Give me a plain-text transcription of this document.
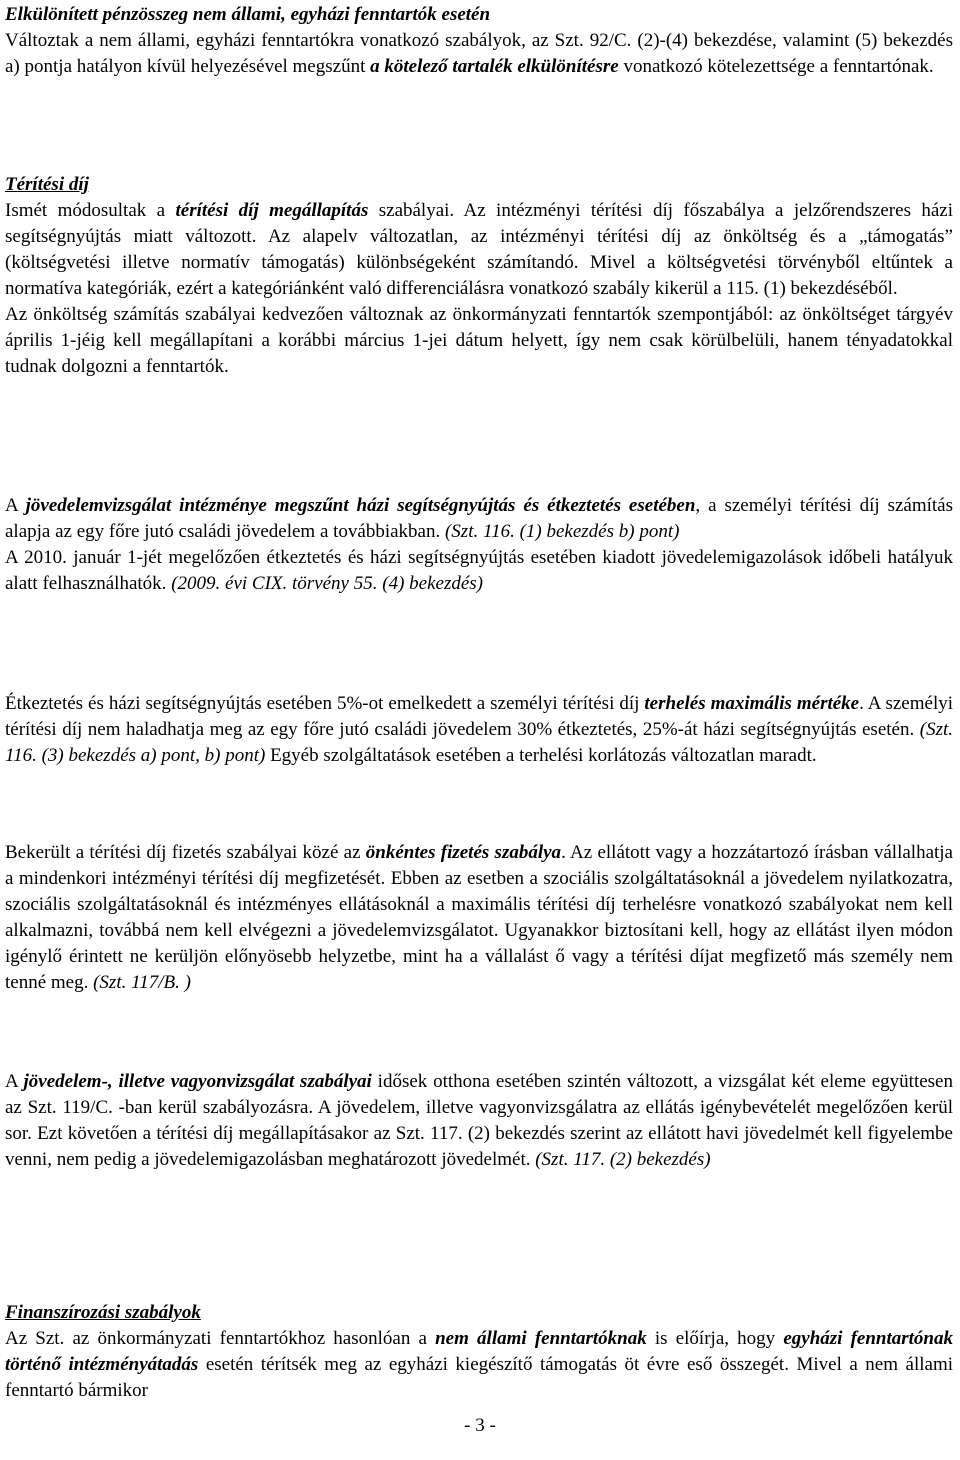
Elkülönített pénzösszeg nem állami, egyházi fenntartók esetén

Változtak a nem állami, egyházi fenntartókra vonatkozó szabályok, az Szt. 92/C. (2)-(4) bekezdése, valamint (5) bekezdés a) pontja hatályon kívül helyezésével megszűnt a kötelező tartalék elkülönítésre vonatkozó kötelezettsége a fenntartónak.

Térítési díj

Ismét módosultak a térítési díj megállapítás szabályai. Az intézményi térítési díj főszabálya a jelzőrendszeres házi segítségnyújtás miatt változott. Az alapelv változatlan, az intézményi térítési díj az önköltség és a „támogatás” (költségvetési illetve normatív támogatás) különbségeként számítandó. Mivel a költségvetési törvényből eltűntek a normatíva kategóriák, ezért a kategóriánként való differenciálásra vonatkozó szabály kikerül a 115. (1) bekezdéséből.

Az önköltség számítás szabályai kedvezően változnak az önkormányzati fenntartók szempontjából: az önköltséget tárgyév április 1-jéig kell megállapítani a korábbi március 1-jei dátum helyett, így nem csak körülbelüli, hanem tényadatokkal tudnak dolgozni a fenntartók.

A jövedelemvizsgálat intézménye megszűnt házi segítségnyújtás és étkeztetés esetében, a személyi térítési díj számítás alapja az egy főre jutó családi jövedelem a továbbiakban. (Szt. 116. (1) bekezdés b) pont)

A 2010. január 1-jét megelőzően étkeztetés és házi segítségnyújtás esetében kiadott jövedelemigazolások időbeli hatályuk alatt felhasználhatók. (2009. évi CIX. törvény 55. (4) bekezdés)

Étkeztetés és házi segítségnyújtás esetében 5%-ot emelkedett a személyi térítési díj terhelés maximális mértéke. A személyi térítési díj nem haladhatja meg az egy főre jutó családi jövedelem 30% étkeztetés, 25%-át házi segítségnyújtás esetén. (Szt. 116. (3) bekezdés a) pont, b) pont) Egyéb szolgáltatások esetében a terhelési korlátozás változatlan maradt.

Bekerült a térítési díj fizetés szabályai közé az önkéntes fizetés szabálya. Az ellátott vagy a hozzátartozó írásban vállalhatja a mindenkori intézményi térítési díj megfizetését. Ebben az esetben a szociális szolgáltatásoknál a jövedelem nyilatkozatra, szociális szolgáltatásoknál és intézményes ellátásoknál a maximális térítési díj terhelésre vonatkozó szabályokat nem kell alkalmazni, továbbá nem kell elvégezni a jövedelemvizsgálatot. Ugyanakkor biztosítani kell, hogy az ellátást ilyen módon igénylő érintett ne kerüljön előnyösebb helyzetbe, mint ha a vállalást ő vagy a térítési díjat megfizető más személy nem tenné meg. (Szt. 117/B. )

A jövedelem-, illetve vagyonvizsgálat szabályai idősek otthona esetében szintén változott, a vizsgálat két eleme együttesen az Szt. 119/C. -ban kerül szabályozásra. A jövedelem, illetve vagyonvizsgálatra az ellátás igénybevételét megelőzően kerül sor. Ezt követően a térítési díj megállapításakor az Szt. 117. (2) bekezdés szerint az ellátott havi jövedelmét kell figyelembe venni, nem pedig a jövedelemigazolásban meghatározott jövedelmét. (Szt. 117. (2) bekezdés)

Finanszírozási szabályok

Az Szt. az önkormányzati fenntartókhoz hasonlóan a nem állami fenntartóknak is előírja, hogy egyházi fenntartónak történő intézményátadás esetén térítsék meg az egyházi kiegészítő támogatás öt évre eső összegét. Mivel a nem állami fenntartó bármikor

- 3 -
